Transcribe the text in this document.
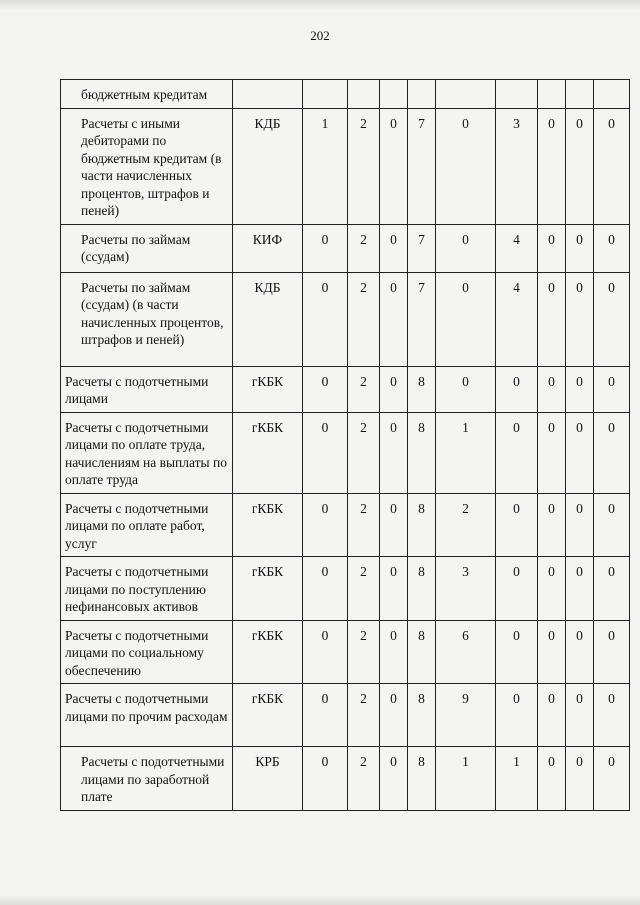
202
бюджетным кредитам										
Расчеты с иными дебиторами по бюджетным кредитам (в части начисленных процентов, штрафов и пеней)	КДБ	1	2	0	7	0	3	0	0	0
Расчеты по займам (ссудам)	КИФ	0	2	0	7	0	4	0	0	0
Расчеты по займам (ссудам) (в части начисленных процентов, штрафов и пеней)	КДБ	0	2	0	7	0	4	0	0	0
Расчеты с подотчетными лицами	гКБК	0	2	0	8	0	0	0	0	0
Расчеты с подотчетными лицами по оплате труда, начислениям на выплаты по оплате труда	гКБК	0	2	0	8	1	0	0	0	0
Расчеты с подотчетными лицами по оплате работ, услуг	гКБК	0	2	0	8	2	0	0	0	0
Расчеты с подотчетными лицами по поступлению нефинансовых активов	гКБК	0	2	0	8	3	0	0	0	0
Расчеты с подотчетными лицами по социальному обеспечению	гКБК	0	2	0	8	6	0	0	0	0
Расчеты с подотчетными лицами по прочим расходам	гКБК	0	2	0	8	9	0	0	0	0
Расчеты с подотчетными лицами по заработной плате	КРБ	0	2	0	8	1	1	0	0	0
